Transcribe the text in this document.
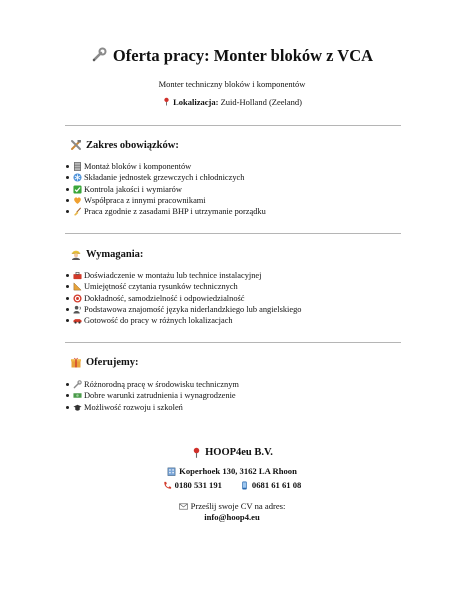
Oferta pracy: Monter bloków z VCA
Monter techniczny bloków i komponentów
Lokalizacja: Zuid-Holland (Zeeland)
Zakres obowiązków:
Montaż bloków i komponentów
Składanie jednostek grzewczych i chłodniczych
Kontrola jakości i wymiarów
Współpraca z innymi pracownikami
Praca zgodnie z zasadami BHP i utrzymanie porządku
Wymagania:
Doświadczenie w montażu lub technice instalacyjnej
Umiejętność czytania rysunków technicznych
Dokładność, samodzielność i odpowiedzialność
Podstawowa znajomość języka niderlandzkiego lub angielskiego
Gotowość do pracy w różnych lokalizacjach
Oferujemy:
Różnorodną pracę w środowisku technicznym
Dobre warunki zatrudnienia i wynagrodzenie
Możliwość rozwoju i szkoleń
HOOP4eu B.V.
Koperhoek 130, 3162 LA Rhoon
0180 531 191	0681 61 61 08
Prześlij swoje CV na adres:
info@hoop4.eu
